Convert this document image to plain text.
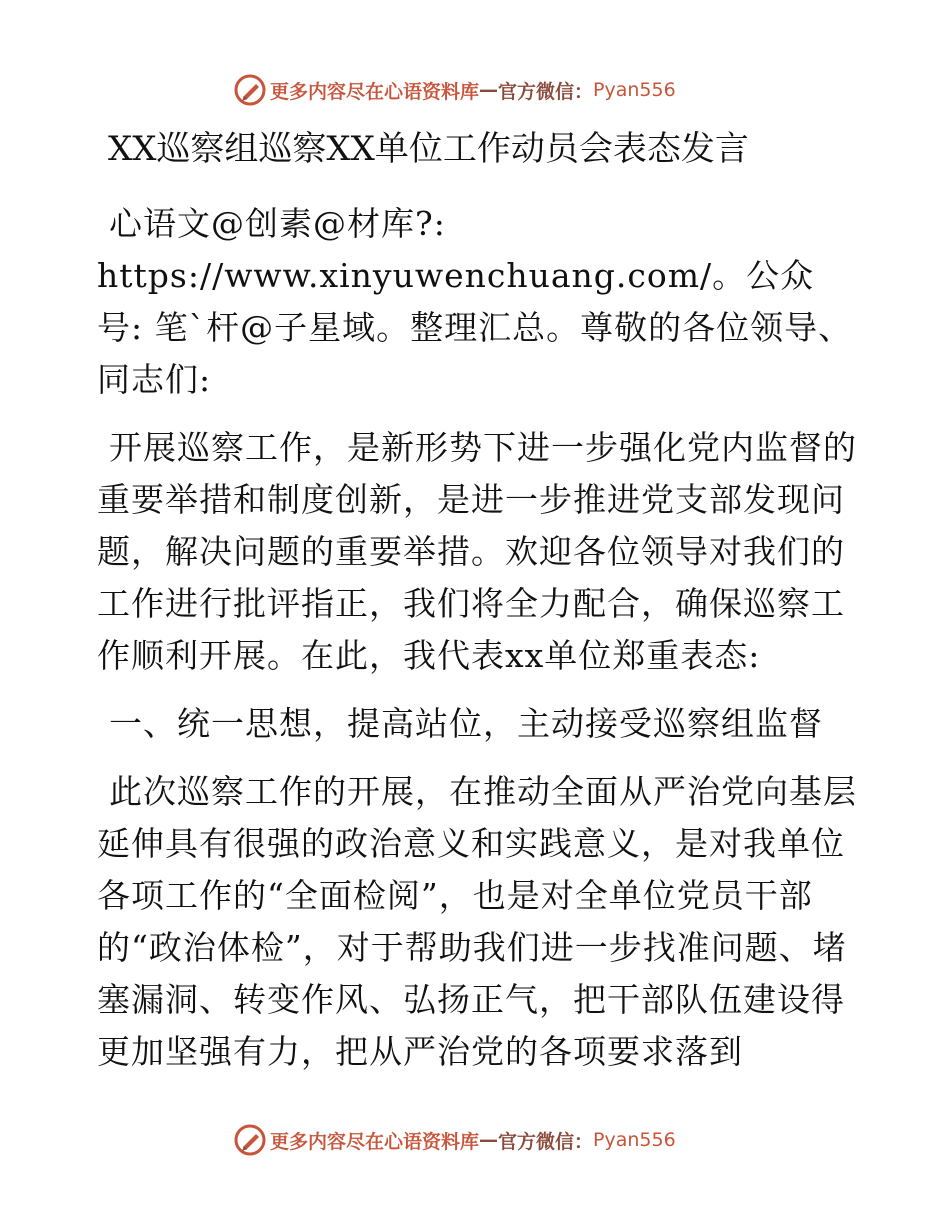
更多内容尽在心语资料库 — 官方微信： Pyan556
XX巡察组巡察XX单位工作动员会表态发言

心语文@创素@材库?: https://www.xinyuwenchuang.com/。公众号: 笔`杆@子星域。整理汇总。尊敬的各位领导、同志们:

开展巡察工作，是新形势下进一步强化党内监督的重要举措和制度创新，是进一步推进党支部发现问题，解决问题的重要举措。欢迎各位领导对我们的工作进行批评指正，我们将全力配合，确保巡察工作顺利开展。在此，我代表xx单位郑重表态:

一、统一思想，提高站位，主动接受巡察组监督

此次巡察工作的开展，在推动全面从严治党向基层延伸具有很强的政治意义和实践意义，是对我单位各项工作的“全面检阅”，也是对全单位党员干部的“政治体检”，对于帮助我们进一步找准问题、堵塞漏洞、转变作风、弘扬正气，把干部队伍建设得更加坚强有力，把从严治党的各项要求落到

更多内容尽在心语资料库 — 官方微信： Pyan556
